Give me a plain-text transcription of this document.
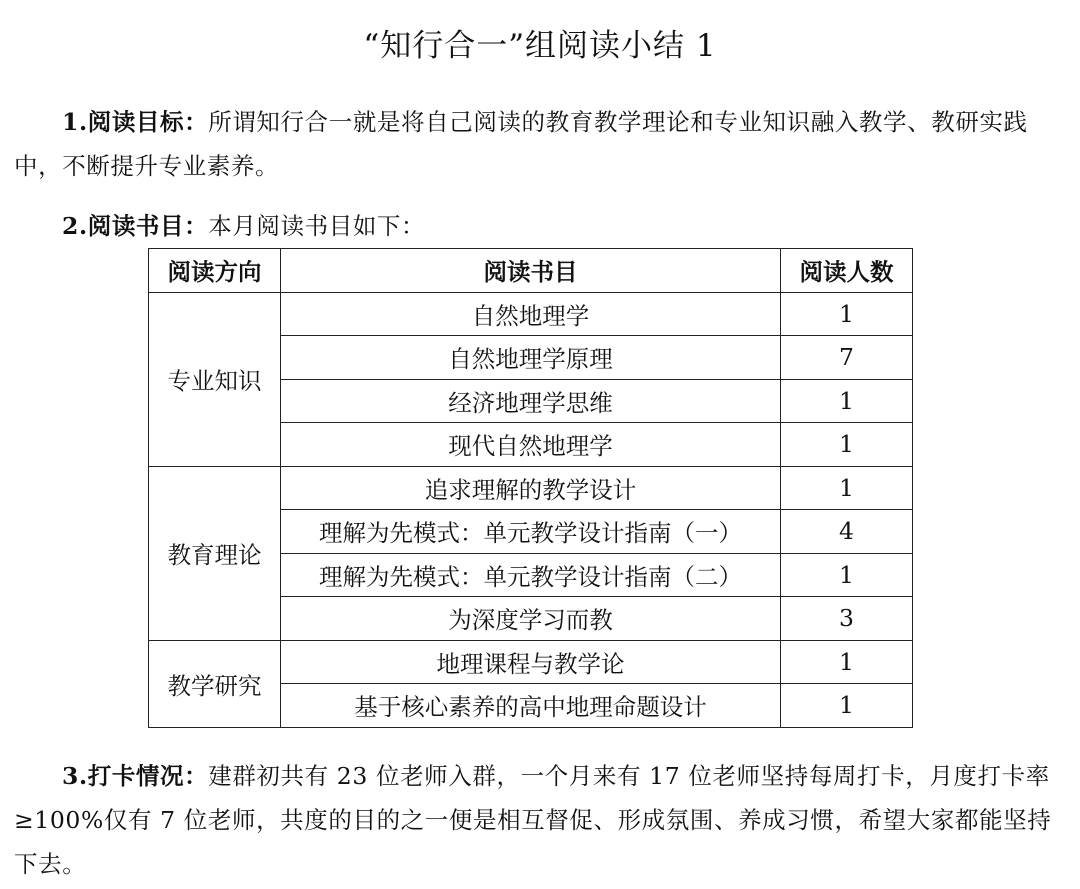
“知行合一”组阅读小结 1

1.阅读目标：所谓知行合一就是将自己阅读的教育教学理论和专业知识融入教学、教研实践中，不断提升专业素养。

2.阅读书目：本月阅读书目如下：

阅读方向	阅读书目	阅读人数
专业知识	自然地理学	1
	自然地理学原理	7
	经济地理学思维	1
	现代自然地理学	1
教育理论	追求理解的教学设计	1
	理解为先模式：单元教学设计指南（一）	4
	理解为先模式：单元教学设计指南（二）	1
	为深度学习而教	3
教学研究	地理课程与教学论	1
	基于核心素养的高中地理命题设计	1

3.打卡情况：建群初共有 23 位老师入群，一个月来有 17 位老师坚持每周打卡，月度打卡率≥100%仅有 7 位老师，共度的目的之一便是相互督促、形成氛围、养成习惯，希望大家都能坚持下去。
